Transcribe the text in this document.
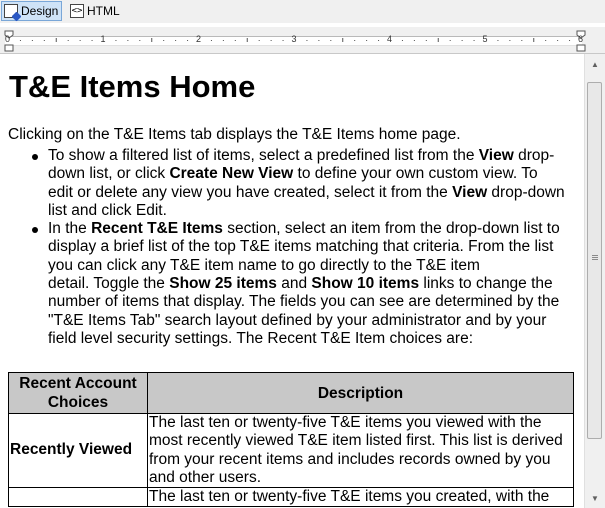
Design <> HTML
0	1	2	3	4	5	6
T&E Items Home

Clicking on the T&E Items tab displays the T&E Items home page.

To show a filtered list of items, select a predefined list from the View drop-
down list, or click Create New View to define your own custom view. To
edit or delete any view you have created, select it from the View drop-down
list and click Edit.
In the Recent T&E Items section, select an item from the drop-down list to
display a brief list of the top T&E items matching that criteria. From the list
you can click any T&E item name to go directly to the T&E item
detail. Toggle the Show 25 items and Show 10 items links to change the
number of items that display. The fields you can see are determined by the
"T&E Items Tab" search layout defined by your administrator and by your
field level security settings. The Recent T&E Item choices are:
Recent Account Choices	Description
Recently Viewed	The last ten or twenty-five T&E items you viewed with the
most recently viewed T&E item listed first. This list is derived
from your recent items and includes records owned by you
and other users.

	The last ten or twenty-five T&E items you created, with the
▲
▼
